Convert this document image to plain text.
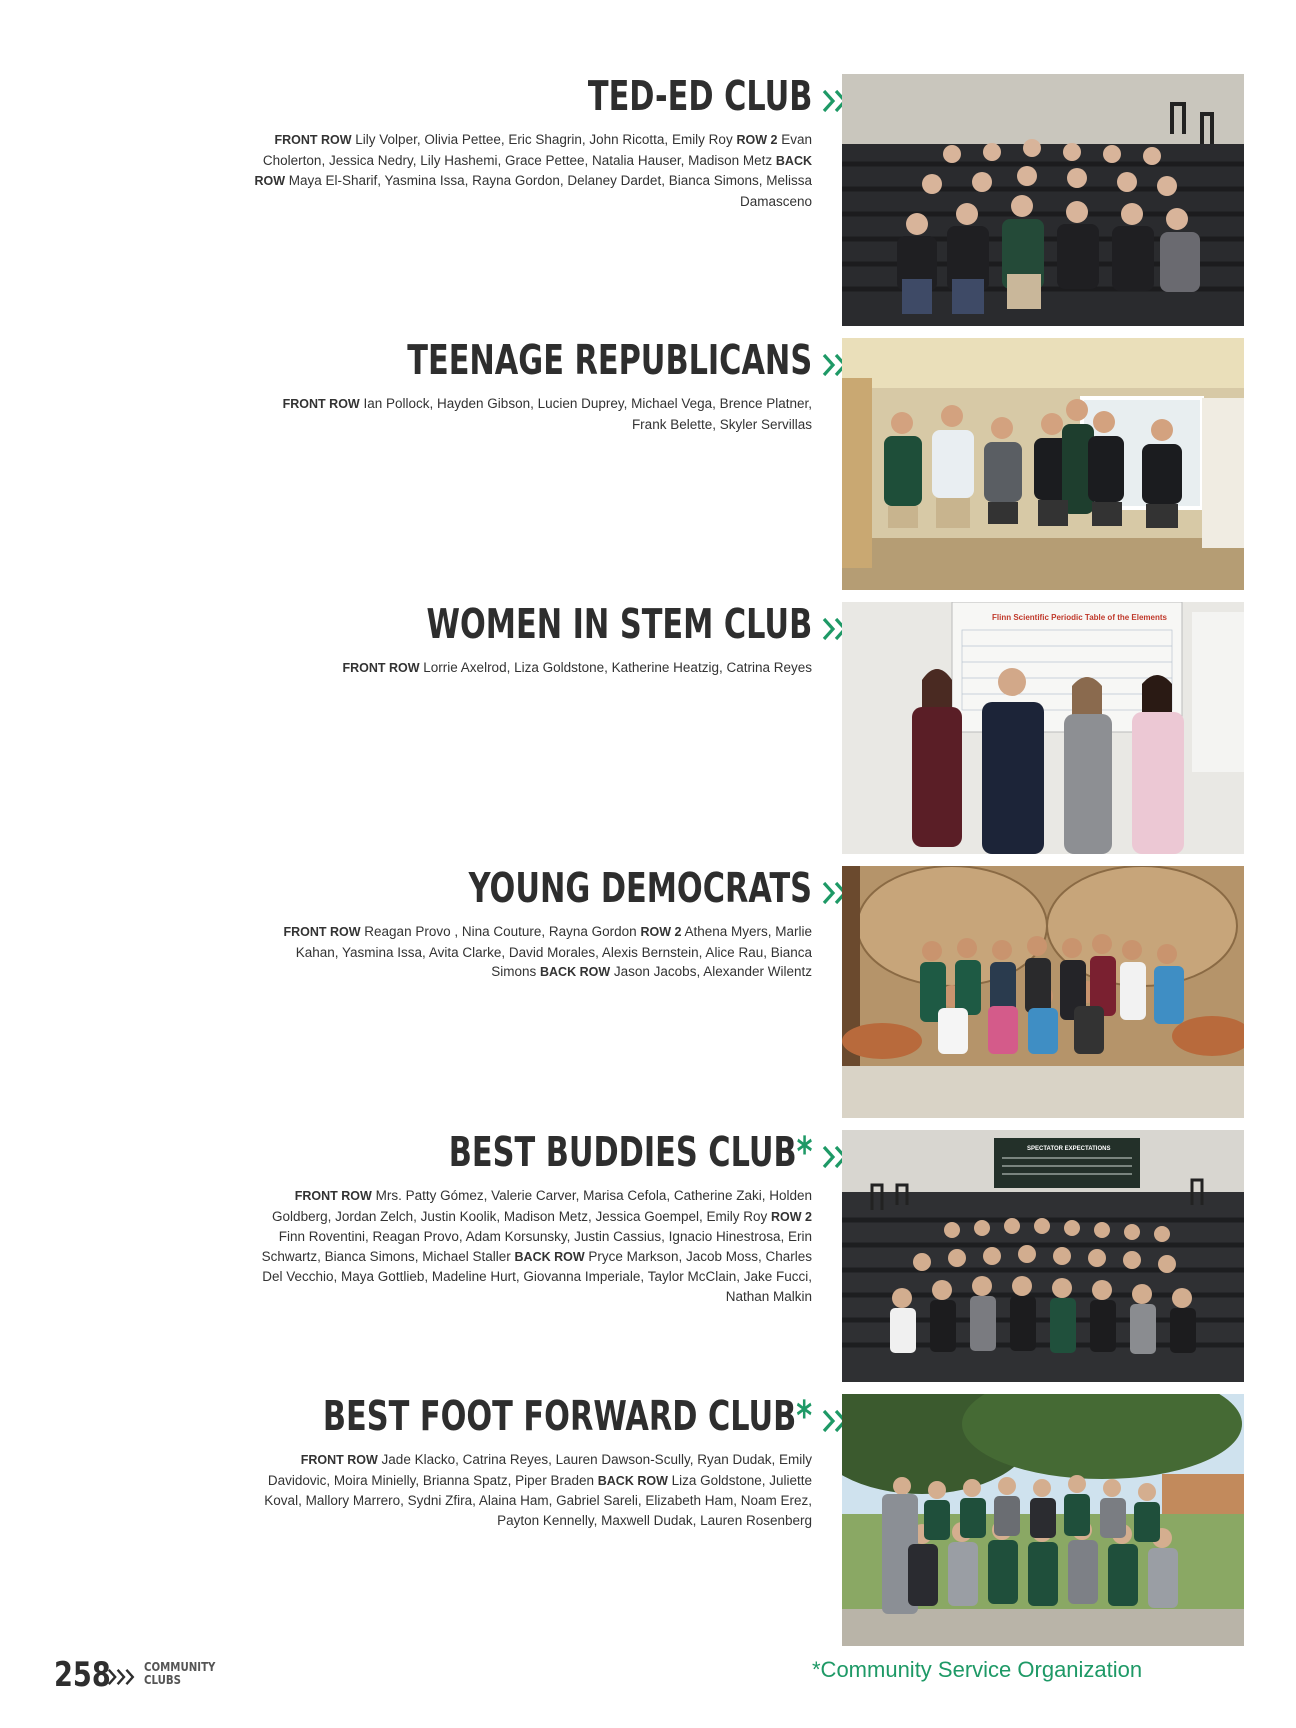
TED-ED CLUB
FRONT ROW Lily Volper, Olivia Pettee, Eric Shagrin, John Ricotta, Emily Roy ROW 2 Evan Cholerton, Jessica Nedry, Lily Hashemi, Grace Pettee, Natalia Hauser, Madison Metz BACK ROW Maya El-Sharif, Yasmina Issa, Rayna Gordon, Delaney Dardet, Bianca Simons, Melissa Damasceno
TEENAGE REPUBLICANS
FRONT ROW Ian Pollock, Hayden Gibson, Lucien Duprey, Michael Vega, Brence Platner, Frank Belette, Skyler Servillas
WOMEN IN STEM CLUB
FRONT ROW Lorrie Axelrod, Liza Goldstone, Katherine Heatzig, Catrina Reyes
Flinn Scientific Periodic Table of the Elements
YOUNG DEMOCRATS
FRONT ROW Reagan Provo , Nina Couture, Rayna Gordon ROW 2 Athena Myers, Marlie Kahan, Yasmina Issa, Avita Clarke, David Morales, Alexis Bernstein, Alice Rau, Bianca Simons BACK ROW Jason Jacobs, Alexander Wilentz
BEST BUDDIES CLUB*
FRONT ROW Mrs. Patty Gómez, Valerie Carver, Marisa Cefola, Catherine Zaki, Holden Goldberg, Jordan Zelch, Justin Koolik, Madison Metz, Jessica Goempel, Emily Roy ROW 2 Finn Roventini, Reagan Provo, Adam Korsunsky, Justin Cassius, Ignacio Hinestrosa, Erin Schwartz, Bianca Simons, Michael Staller BACK ROW Pryce Markson, Jacob Moss, Charles Del Vecchio, Maya Gottlieb, Madeline Hurt, Giovanna Imperiale, Taylor McClain, Jake Fucci, Nathan Malkin
SPECTATOR EXPECTATIONS
BEST FOOT FORWARD CLUB*
FRONT ROW Jade Klacko, Catrina Reyes, Lauren Dawson-Scully, Ryan Dudak, Emily Davidovic, Moira Minielly, Brianna Spatz, Piper Braden BACK ROW Liza Goldstone, Juliette Koval, Mallory Marrero, Sydni Zfira, Alaina Ham, Gabriel Sareli, Elizabeth Ham, Noam Erez, Payton Kennelly, Maxwell Dudak, Lauren Rosenberg
258	COMMUNITY
CLUBS	*Community Service Organization
